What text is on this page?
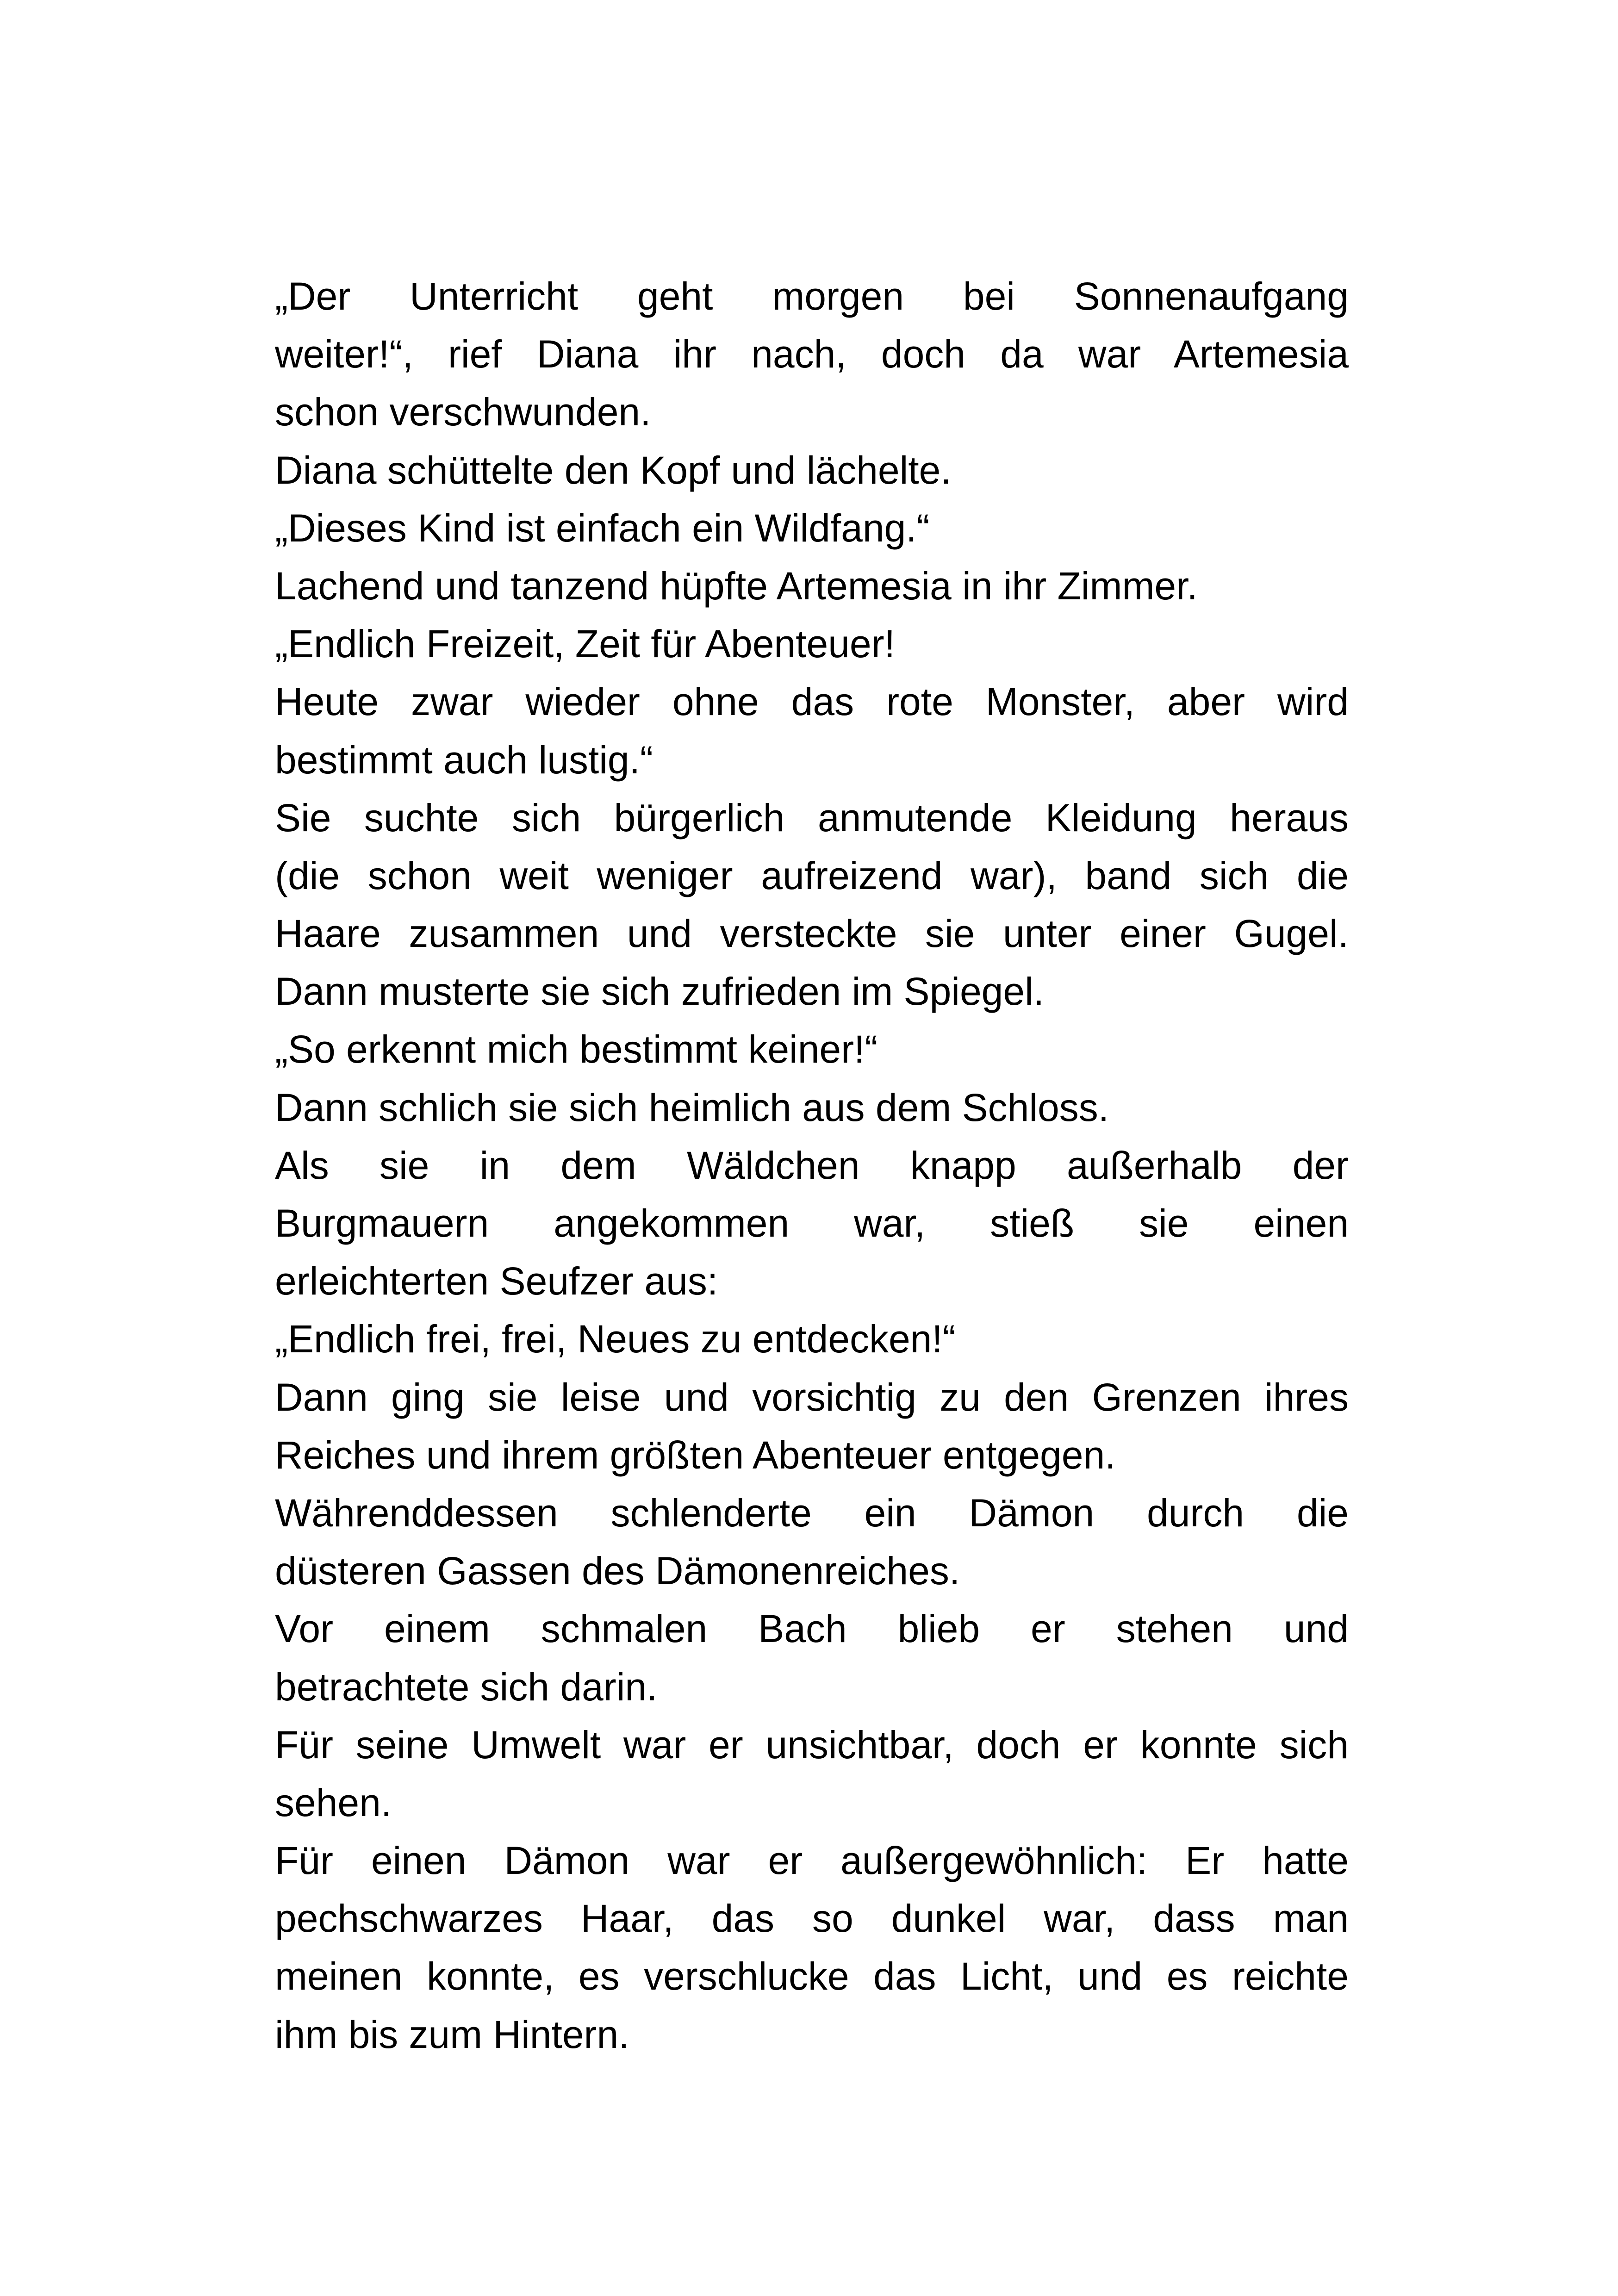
„Der Unterricht geht morgen bei Sonnenaufgang
weiter!“, rief Diana ihr nach, doch da war Artemesia
schon verschwunden.
Diana schüttelte den Kopf und lächelte.
„Dieses Kind ist einfach ein Wildfang.“
Lachend und tanzend hüpfte Artemesia in ihr Zimmer.
„Endlich Freizeit, Zeit für Abenteuer!
Heute zwar wieder ohne das rote Monster, aber wird
bestimmt auch lustig.“
Sie suchte sich bürgerlich anmutende Kleidung heraus
(die schon weit weniger aufreizend war), band sich die
Haare zusammen und versteckte sie unter einer Gugel.
Dann musterte sie sich zufrieden im Spiegel.
„So erkennt mich bestimmt keiner!“
Dann schlich sie sich heimlich aus dem Schloss.
Als sie in dem Wäldchen knapp außerhalb der
Burgmauern angekommen war, stieß sie einen
erleichterten Seufzer aus:
„Endlich frei, frei, Neues zu entdecken!“
Dann ging sie leise und vorsichtig zu den Grenzen ihres
Reiches und ihrem größten Abenteuer entgegen.
Währenddessen schlenderte ein Dämon durch die
düsteren Gassen des Dämonenreiches.
Vor einem schmalen Bach blieb er stehen und
betrachtete sich darin.
Für seine Umwelt war er unsichtbar, doch er konnte sich
sehen.
Für einen Dämon war er außergewöhnlich: Er hatte
pechschwarzes Haar, das so dunkel war, dass man
meinen konnte, es verschlucke das Licht, und es reichte
ihm bis zum Hintern.
